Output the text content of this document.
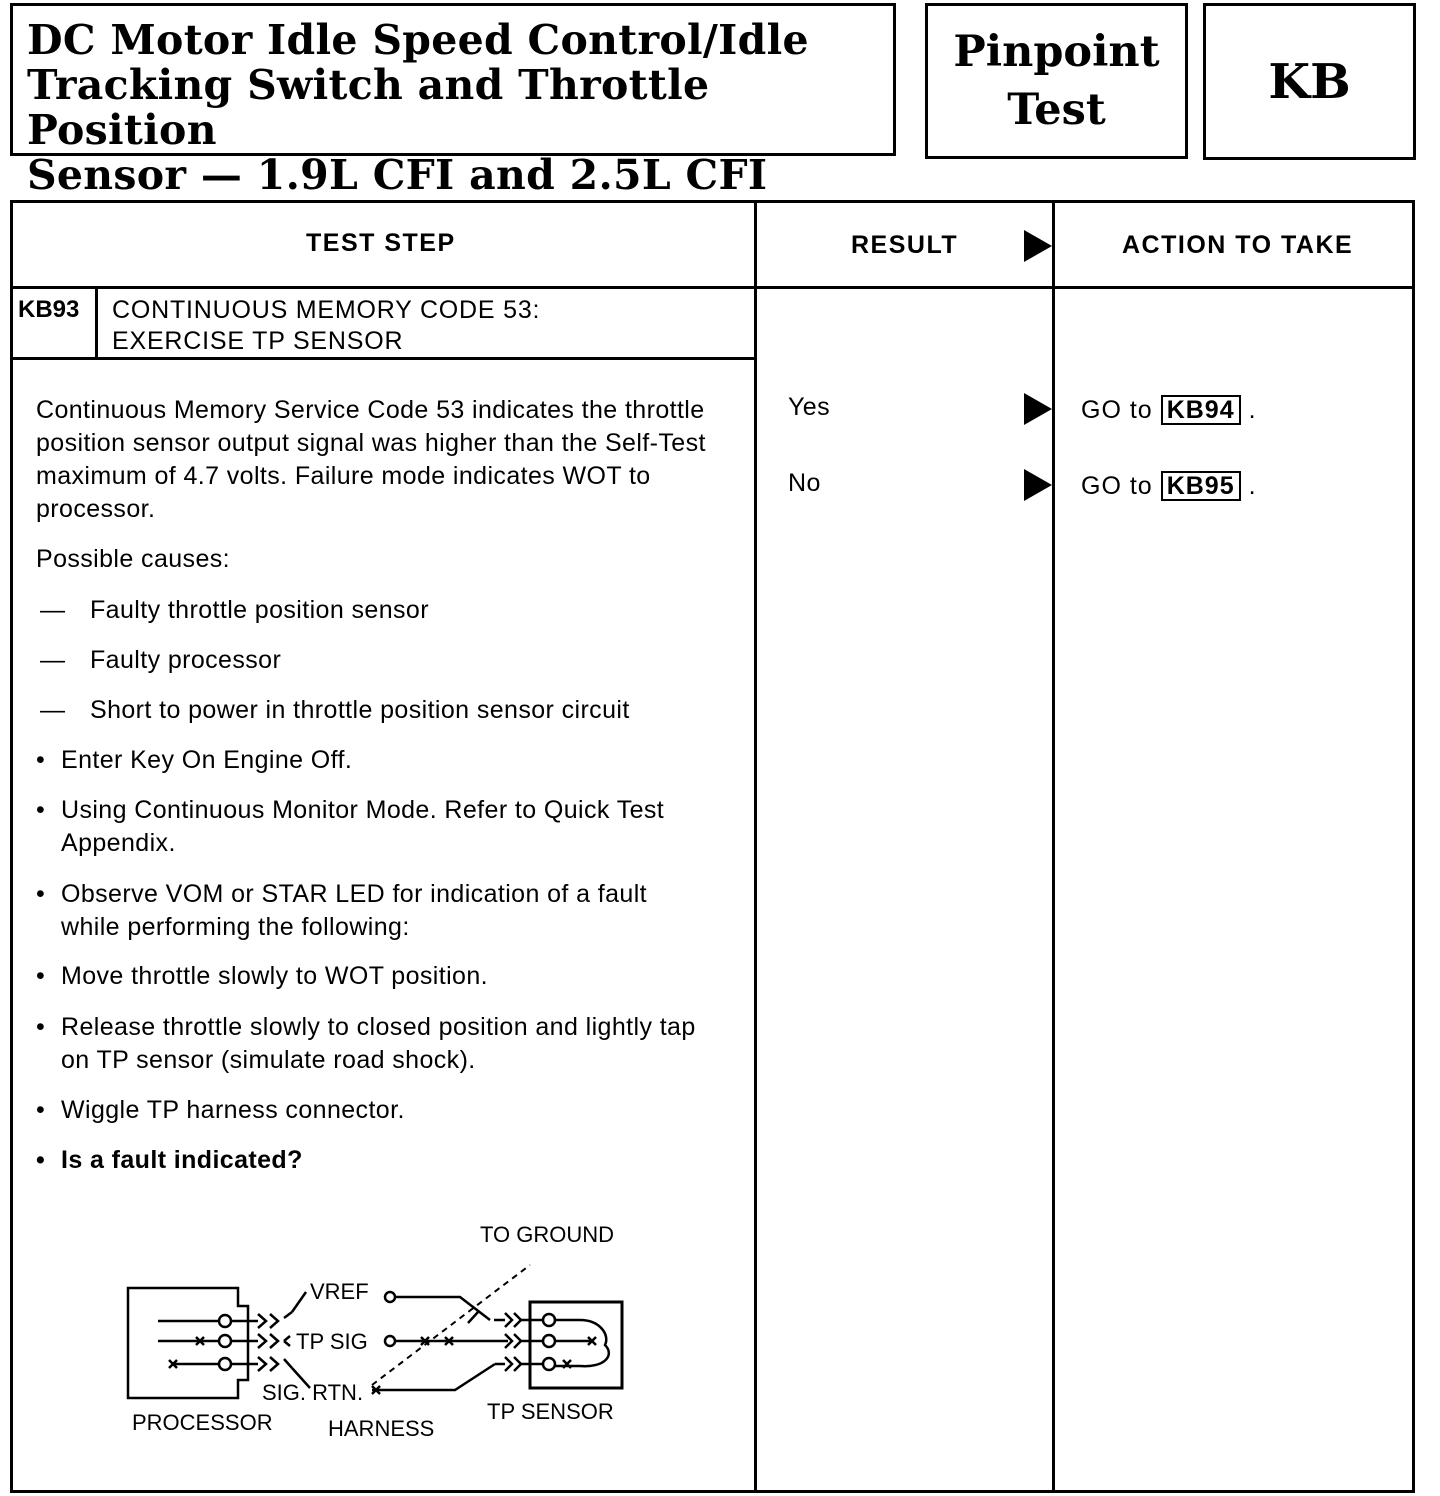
DC Motor Idle Speed Control/Idle
Tracking Switch and Throttle Position
Sensor — 1.9L CFI and 2.5L CFI
Pinpoint
Test
KB
TEST STEP	RESULT	ACTION TO TAKE
KB93 CONTINUOUS MEMORY CODE 53:
EXERCISE TP SENSOR
Continuous Memory Service Code 53 indicates the throttle position sensor output signal was higher than the Self-Test maximum of 4.7 volts. Failure mode indicates WOT to processor.
Possible causes:
— Faulty throttle position sensor
— Faulty processor
— Short to power in throttle position sensor circuit
• Enter Key On Engine Off.
• Using Continuous Monitor Mode. Refer to Quick Test Appendix.
• Observe VOM or STAR LED for indication of a fault while performing the following:
• Move throttle slowly to WOT position.
• Release throttle slowly to closed position and lightly tap on TP sensor (simulate road shock).
• Wiggle TP harness connector.
• Is a fault indicated?
Yes	GO to KB94 .
No	GO to KB95 .
TO GROUND
VREF
TP SIG
SIG. RTN.
PROCESSOR	HARNESS
TP SENSOR
